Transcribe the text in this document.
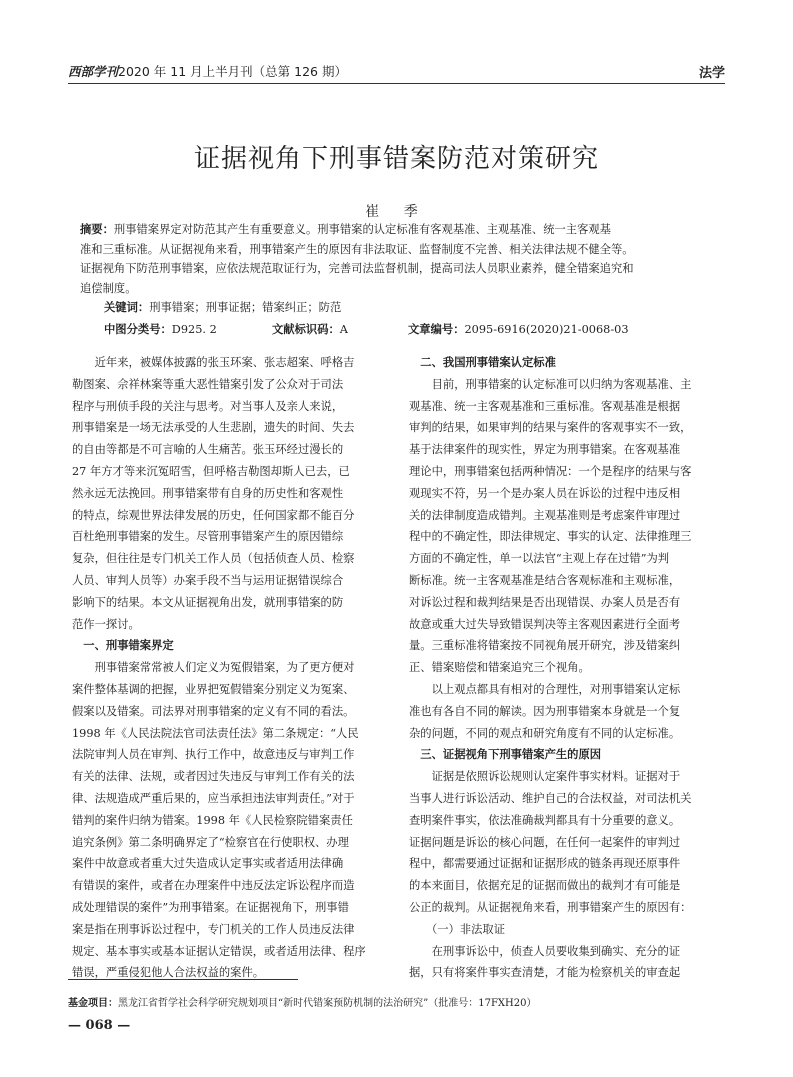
西部学刊2020 年 11 月上半月刊（总第 126 期）	法学
证据视角下刑事错案防范对策研究
崔 季
摘要：刑事错案界定对防范其产生有重要意义。刑事错案的认定标准有客观基准、主观基准、统一主客观基
准和三重标准。从证据视角来看，刑事错案产生的原因有非法取证、监督制度不完善、相关法律法规不健全等。
证据视角下防范刑事错案，应依法规范取证行为，完善司法监督机制，提高司法人员职业素养，健全错案追究和
追偿制度。
关键词：刑事错案；刑事证据；错案纠正；防范
中图分类号：D925. 2	文献标识码：A	文章编号：2095-6916(2020)21-0068-03
　　近年来，被媒体披露的张玉环案、张志超案、呼格吉
勒图案、佘祥林案等重大恶性错案引发了公众对于司法
程序与刑侦手段的关注与思考。对当事人及亲人来说，
刑事错案是一场无法承受的人生悲剧，遗失的时间、失去
的自由等都是不可言喻的人生痛苦。张玉环经过漫长的
27 年方才等来沉冤昭雪，但呼格吉勒图却斯人已去，已
然永远无法挽回。刑事错案带有自身的历史性和客观性
的特点，综观世界法律发展的历史，任何国家都不能百分
百杜绝刑事错案的发生。尽管刑事错案产生的原因错综
复杂，但往往是专门机关工作人员（包括侦查人员、检察
人员、审判人员等）办案手段不当与运用证据错误综合
影响下的结果。本文从证据视角出发，就刑事错案的防
范作一探讨。
　一、刑事错案界定
　　刑事错案常常被人们定义为冤假错案，为了更方便对
案件整体基调的把握，业界把冤假错案分别定义为冤案、
假案以及错案。司法界对刑事错案的定义有不同的看法。
1998 年《人民法院法官司法责任法》第二条规定：“人民
法院审判人员在审判、执行工作中，故意违反与审判工作
有关的法律、法规，或者因过失违反与审判工作有关的法
律、法规造成严重后果的，应当承担违法审判责任。”对于
错判的案件归纳为错案。1998 年《人民检察院错案责任
追究条例》第二条明确界定了“检察官在行使职权、办理
案件中故意或者重大过失造成认定事实或者适用法律确
有错误的案件，或者在办理案件中违反法定诉讼程序而造
成处理错误的案件”为刑事错案。在证据视角下，刑事错
案是指在刑事诉讼过程中，专门机关的工作人员违反法律
规定、基本事实或基本证据认定错误，或者适用法律、程序
错误，严重侵犯他人合法权益的案件。
　二、我国刑事错案认定标准
　　目前，刑事错案的认定标准可以归纳为客观基准、主
观基准、统一主客观基准和三重标准。客观基准是根据
审判的结果，如果审判的结果与案件的客观事实不一致，
基于法律案件的现实性，界定为刑事错案。在客观基准
理论中，刑事错案包括两种情况：一个是程序的结果与客
观现实不符，另一个是办案人员在诉讼的过程中违反相
关的法律制度造成错判。主观基准则是考虑案件审理过
程中的不确定性，即法律规定、事实的认定、法律推理三
方面的不确定性，单一以法官“主观上存在过错”为判
断标准。统一主客观基准是结合客观标准和主观标准，
对诉讼过程和裁判结果是否出现错误、办案人员是否有
故意或重大过失导致错误判决等主客观因素进行全面考
量。三重标准将错案按不同视角展开研究，涉及错案纠
正、错案赔偿和错案追究三个视角。
　　以上观点都具有相对的合理性，对刑事错案认定标
准也有各自不同的解读。因为刑事错案本身就是一个复
杂的问题，不同的观点和研究角度有不同的认定标准。
　三、证据视角下刑事错案产生的原因
　　证据是依照诉讼规则认定案件事实材料。证据对于
当事人进行诉讼活动、维护自己的合法权益，对司法机关
查明案件事实，依法准确裁判都具有十分重要的意义。
证据问题是诉讼的核心问题，在任何一起案件的审判过
程中，都需要通过证据和证据形成的链条再现还原事件
的本来面目，依据充足的证据而做出的裁判才有可能是
公正的裁判。从证据视角来看，刑事错案产生的原因有：
　　（一）非法取证
　　在刑事诉讼中，侦查人员要收集到确实、充分的证
据，只有将案件事实查清楚，才能为检察机关的审查起
基金项目：黑龙江省哲学社会科学研究规划项目“新时代错案预防机制的法治研究”（批准号：17FXH20）
— 068 —
